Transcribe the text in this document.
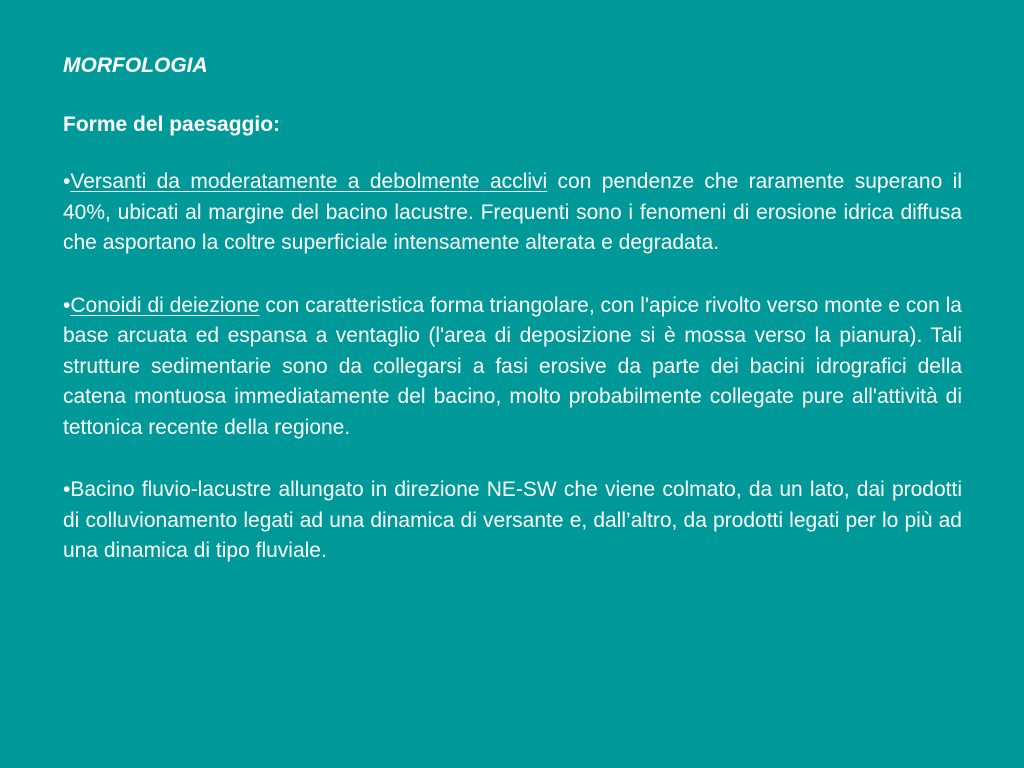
MORFOLOGIA

Forme del paesaggio:

•Versanti da moderatamente a debolmente acclivi con pendenze che raramente superano il 40%, ubicati al margine del bacino lacustre. Frequenti sono i fenomeni di erosione idrica diffusa che asportano la coltre superficiale intensamente alterata e degradata.

•Conoidi di deiezione con caratteristica forma triangolare, con l'apice rivolto verso monte e con la base arcuata ed espansa a ventaglio (l'area di deposizione si è mossa verso la pianura). Tali strutture sedimentarie sono da collegarsi a fasi erosive da parte dei bacini idrografici della catena montuosa immediatamente del bacino, molto probabilmente collegate pure all'attività di tettonica recente della regione.

•Bacino fluvio-lacustre allungato in direzione NE-SW che viene colmato, da un lato, dai prodotti di colluvionamento legati ad una dinamica di versante e, dall’altro, da prodotti legati per lo più ad una dinamica di tipo fluviale.
